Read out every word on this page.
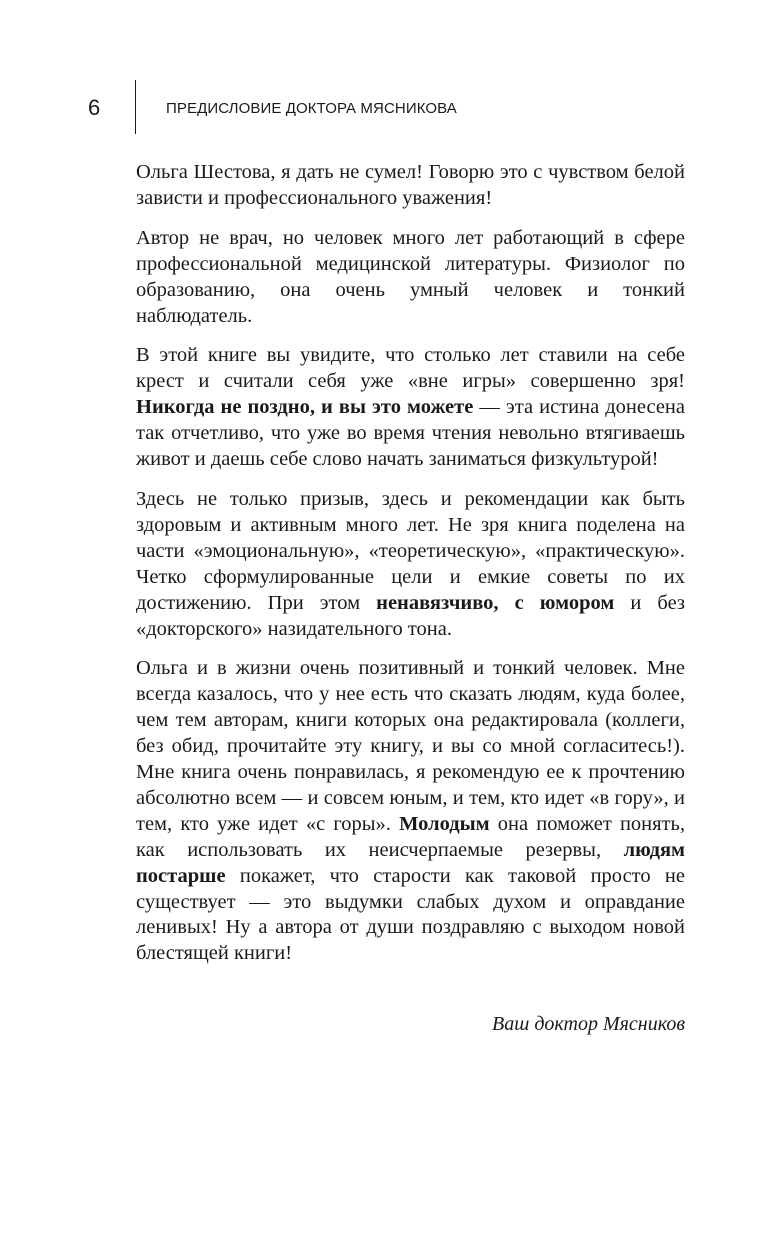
6	ПРЕДИСЛОВИЕ ДОКТОРА МЯСНИКОВА

Ольга Шестова, я дать не сумел! Говорю это с чувством белой зависти и профессионального уважения!

Автор не врач, но человек много лет работающий в сфере профессиональной медицинской литературы. Физиолог по образованию, она очень умный человек и тонкий наблюдатель.

В этой книге вы увидите, что столько лет ставили на себе крест и считали себя уже «вне игры» совершенно зря! Никогда не поздно, и вы это можете — эта истина донесена так отчетливо, что уже во время чтения невольно втягиваешь живот и даешь себе слово начать заниматься физкультурой!

Здесь не только призыв, здесь и рекомендации как быть здоровым и активным много лет. Не зря книга поделена на части «эмоциональную», «теоретическую», «практическую». Четко сформулированные цели и емкие советы по их достижению. При этом ненавязчиво, с юмором и без «докторского» назидательного тона.

Ольга и в жизни очень позитивный и тонкий человек. Мне всегда казалось, что у нее есть что сказать людям, куда более, чем тем авторам, книги которых она редактировала (коллеги, без обид, прочитайте эту книгу, и вы со мной согласитесь!). Мне книга очень понравилась, я рекомендую ее к прочтению абсолютно всем — и совсем юным, и тем, кто идет «в гору», и тем, кто уже идет «с горы». Молодым она поможет понять, как использовать их неисчерпаемые резервы, людям постарше покажет, что старости как таковой просто не существует — это выдумки слабых духом и оправдание ленивых! Ну а автора от души поздравляю с выходом новой блестящей книги!

Ваш доктор Мясников
